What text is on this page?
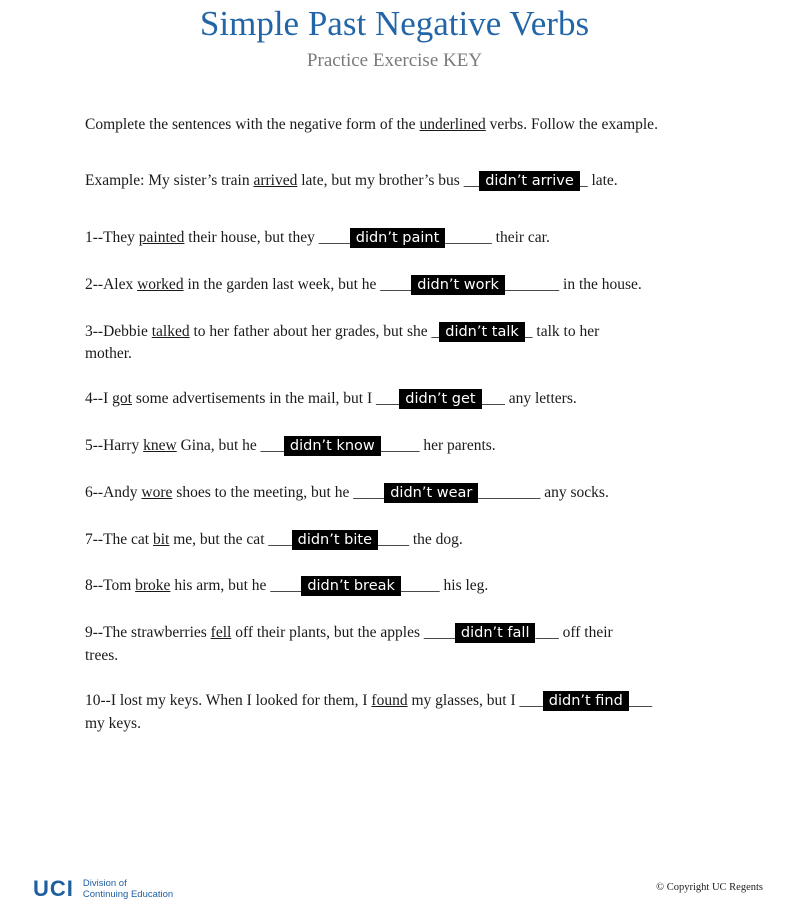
Simple Past Negative Verbs
Practice Exercise KEY
Complete the sentences with the negative form of the underlined verbs. Follow the example.
Example: My sister’s train arrived late, but my brother’s bus __ didn’t arrive _ late.
1--They painted their house, but they ____ didn’t paint ______ their car.
2--Alex worked in the garden last week, but he ____ didn’t work _______ in the house.
3--Debbie talked to her father about her grades, but she _ didn’t talk _ talk to her
mother.
4--I got some advertisements in the mail, but I ___ didn’t get ___ any letters.
5--Harry knew Gina, but he ___ didn’t know _____ her parents.
6--Andy wore shoes to the meeting, but he ____ didn’t wear ________ any socks.
7--The cat bit me, but the cat ___ didn’t bite ____ the dog.
8--Tom broke his arm, but he ____ didn’t break _____ his leg.
9--The strawberries fell off their plants, but the apples ____ didn’t fall ___ off their
trees.
10--I lost my keys. When I looked for them, I found my glasses, but I ___ didn’t find ___
my keys.
UCI Division of
Continuing Education
© Copyright UC Regents
